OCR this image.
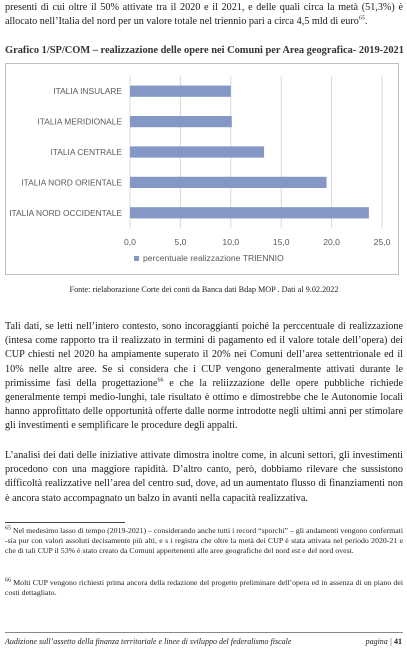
presenti di cui oltre il 50% attivate tra il 2020 e il 2021, e delle quali circa la metà (51,3%) è allocato nell’Italia del nord per un valore totale nel triennio pari a circa 4,5 mld di euro$^{65}$.

Grafico 1/SP/COM – realizzazione delle opere nei Comuni per Area geografica- 2019-2021
0,0	5,0	10,0	15,0	20,0	25,0
ITALIA INSULARE
ITALIA MERIDIONALE
ITALIA CENTRALE
ITALIA NORD ORIENTALE
ITALIA NORD OCCIDENTALE
percentuale realizzazione TRIENNIO
Fonte: rielaborazione Corte dei conti da Banca dati Bdap MOP . Dati al 9.02.2022

Tali dati, se letti nell’intero contesto, sono incoraggianti poiché la perccentuale di realizzazione (intesa come rapporto tra il realizzato in termini di pagamento ed il valore totale dell’opera) dei CUP chiesti nel 2020 ha ampiamente superato il 20% nei Comuni dell’area settentrionale ed il 10% nelle altre aree. Se si considera che i CUP vengono generalmente attivati durante le primissime fasi della progettazione$^{66}$ e che la reliizzazione delle opere pubbliche richiede generalmente tempi medio-lunghi, tale risultato è ottimo e dimostrebbe che le Autonomie locali hanno approfittato delle opportunità offerte dalle norme introdotte negli ultimi anni per stimolare gli investimenti e semplificare le procedure degli appalti.

L’analisi dei dati delle iniziative attivate dimostra inoltre come, in alcuni settori, gli investimenti procedono con una maggiore rapidità. D’altro canto, però, dobbiamo rilevare che sussistono difficoltà realizzative nell’area del centro sud, dove, ad un aumentato flusso di finanziamenti non è ancora stato accompagnato un balzo in avanti nella capacità realizzativa.

$^{65}$ Nel medesimo lasso di tempo (2019-2021) – considerando anche tutti i record “sporchi” – gli andamenti vengono confermati -sia pur con valori assoluti decisamente più alti, e s i registra che oltre la metà dei CUP è stata attivata nel periodo 2020-21 e che di tali CUP il 53% è stato creato da Comuni appertenenti alle aree geografiche del nord est e del nord ovest.

$^{66}$ Molti CUP vengono richiesti prima ancora della redazione del progetto preliminare dell’opera ed in assenza di un piano dei costi dettagliato.

Audizione sull’assetto della finanza territoriale e linee di sviluppo del federalismo fiscale	pagina | 41
